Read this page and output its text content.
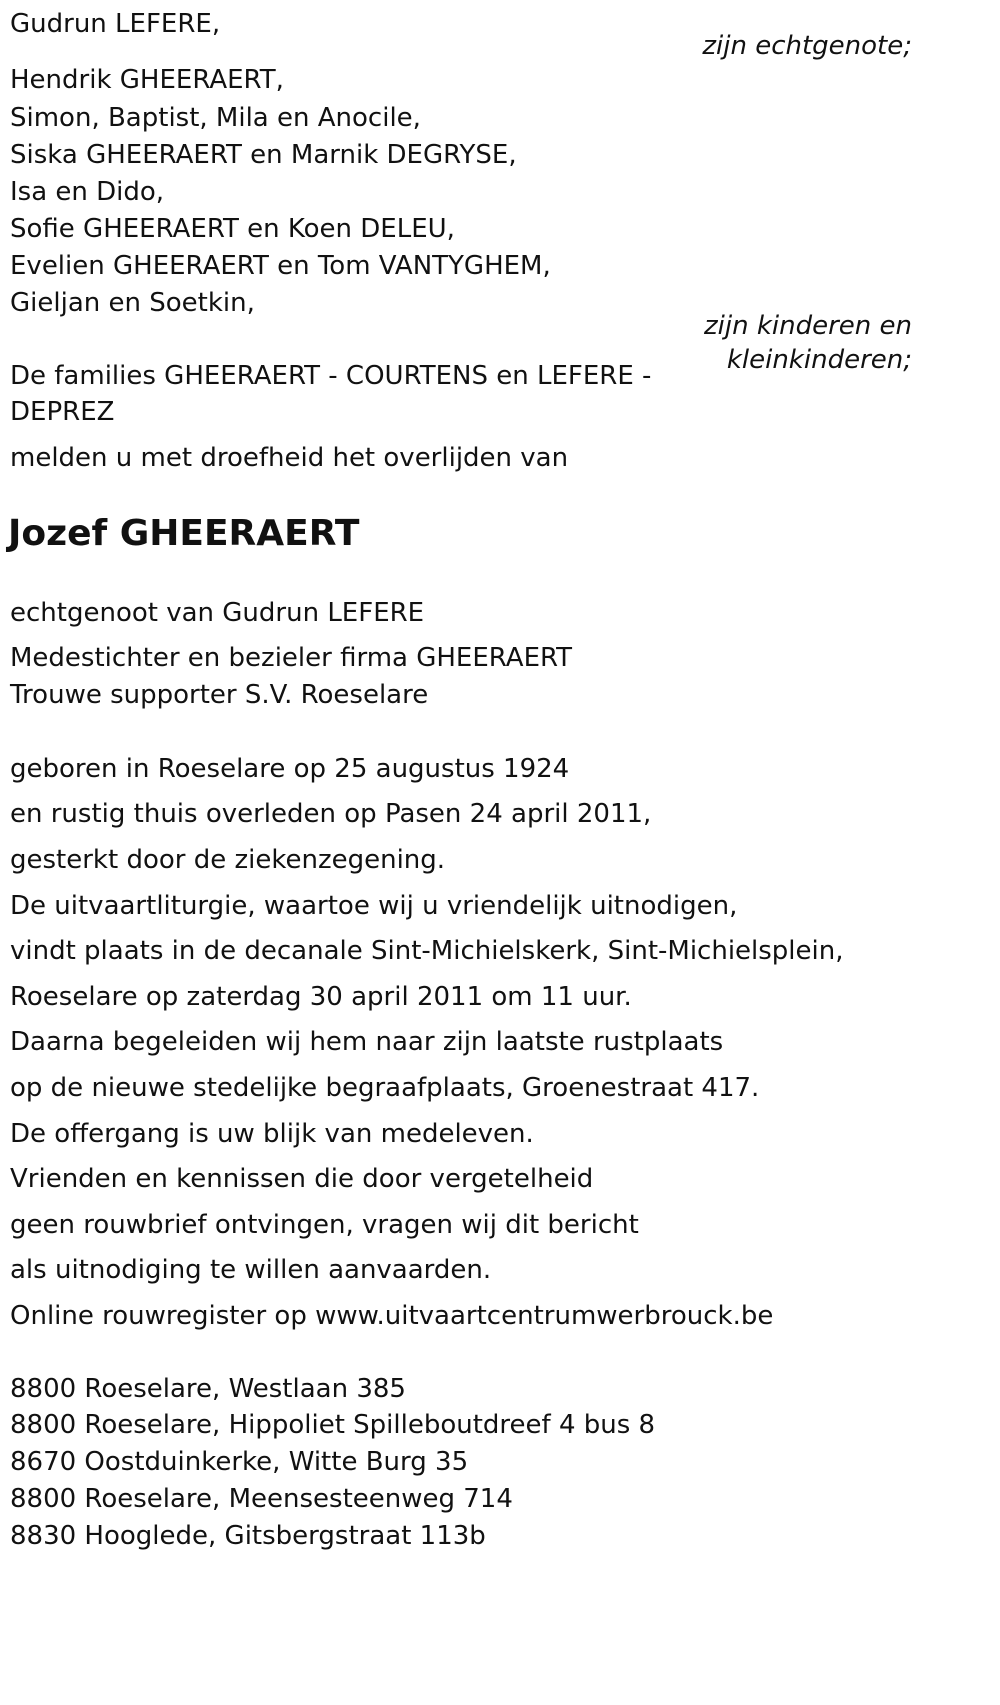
Gudrun LEFERE,
zijn echtgenote;
Hendrik GHEERAERT,
Simon, Baptist, Mila en Anocile,
Siska GHEERAERT en Marnik DEGRYSE,
Isa en Dido,
Sofie GHEERAERT en Koen DELEU,
Evelien GHEERAERT en Tom VANTYGHEM,
Gieljan en Soetkin,
zijn kinderen en
kleinkinderen;
De families GHEERAERT - COURTENS en LEFERE -
DEPREZ
melden u met droefheid het overlijden van
Jozef GHEERAERT
echtgenoot van Gudrun LEFERE
Medestichter en bezieler firma GHEERAERT
Trouwe supporter S.V. Roeselare
geboren in Roeselare op 25 augustus 1924
en rustig thuis overleden op Pasen 24 april 2011,
gesterkt door de ziekenzegening.
De uitvaartliturgie, waartoe wij u vriendelijk uitnodigen,
vindt plaats in de decanale Sint-Michielskerk, Sint-Michielsplein,
Roeselare op zaterdag 30 april 2011 om 11 uur.
Daarna begeleiden wij hem naar zijn laatste rustplaats
op de nieuwe stedelijke begraafplaats, Groenestraat 417.
De offergang is uw blijk van medeleven.
Vrienden en kennissen die door vergetelheid
geen rouwbrief ontvingen, vragen wij dit bericht
als uitnodiging te willen aanvaarden.
Online rouwregister op www.uitvaartcentrumwerbrouck.be
8800 Roeselare, Westlaan 385
8800 Roeselare, Hippoliet Spilleboutdreef 4 bus 8
8670 Oostduinkerke, Witte Burg 35
8800 Roeselare, Meensesteenweg 714
8830 Hooglede, Gitsbergstraat 113b
